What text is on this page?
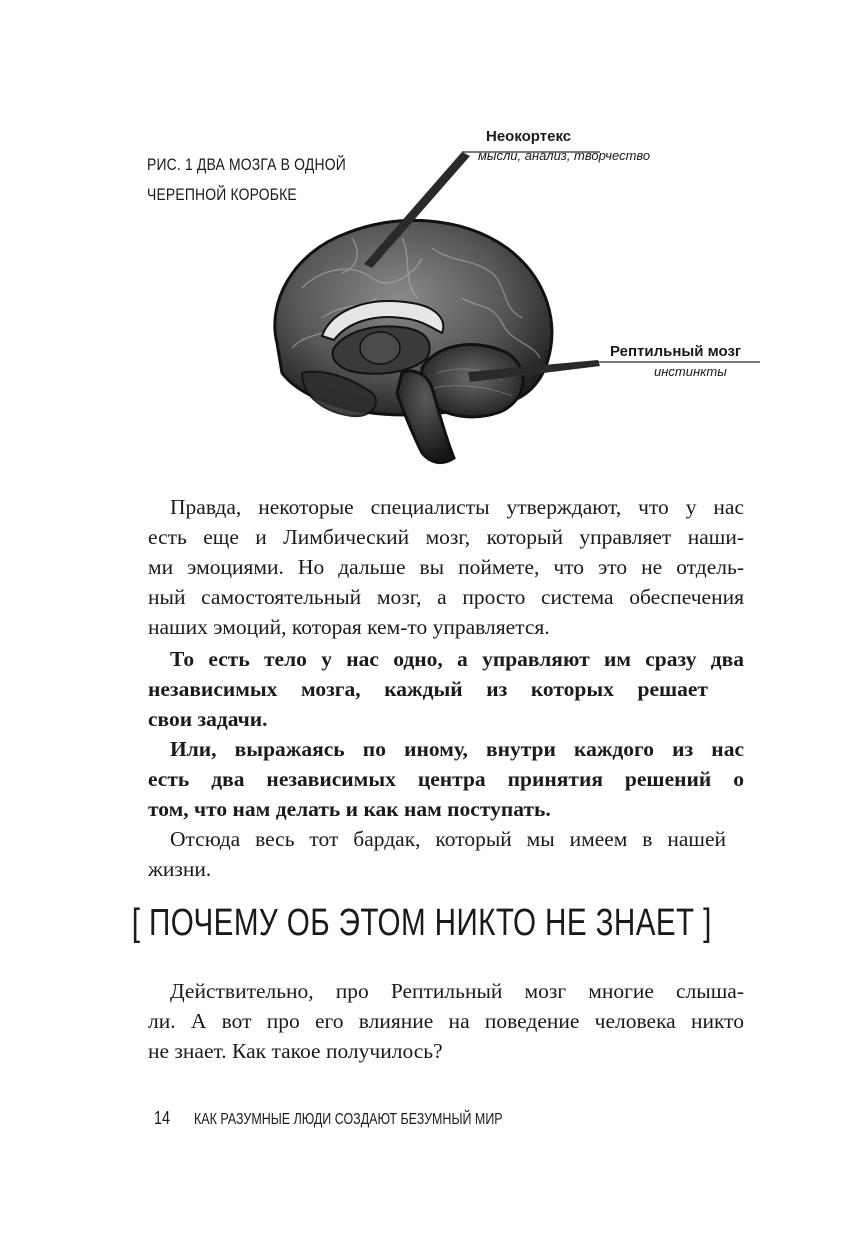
РИС. 1 ДВА МОЗГА В ОДНОЙ
ЧЕРЕПНОЙ КОРОБКЕ
Неокортекс
мысли, анализ, творчество
Рептильный мозг
инстинкты
Правда, некоторые специалисты утверждают, что у нас
есть еще и Лимбический мозг, который управляет наши-
ми эмоциями. Но дальше вы поймете, что это не отдель-
ный самостоятельный мозг, а просто система обеспечения
наших эмоций, которая кем-то управляется.
То есть тело у нас одно, а управляют им сразу два
независимых мозга, каждый из которых решает
свои задачи.
Или, выражаясь по иному, внутри каждого из нас
есть два независимых центра принятия решений о
том, что нам делать и как нам поступать.
Отсюда весь тот бардак, который мы имеем в нашей
жизни.
[ ПОЧЕМУ ОБ ЭТОМ НИКТО НЕ ЗНАЕТ ]
Действительно, про Рептильный мозг многие слыша-
ли. А вот про его влияние на поведение человека никто
не знает. Как такое получилось?
14 КАК РАЗУМНЫЕ ЛЮДИ СОЗДАЮТ БЕЗУМНЫЙ МИР
